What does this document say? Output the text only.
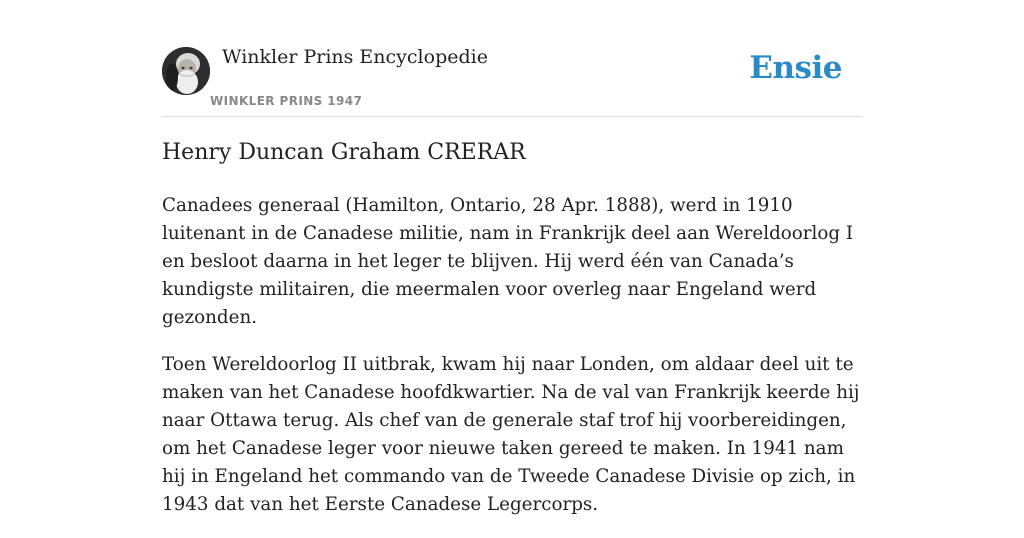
Winkler Prins Encyclopedie
WINKLER PRINS 1947
Ensie
Henry Duncan Graham CRERAR

Canadees generaal (Hamilton, Ontario, 28 Apr. 1888), werd in 1910 luitenant in de Canadese militie, nam in Frankrijk deel aan Wereldoorlog I en besloot daarna in het leger te blijven. Hij werd één van Canada’s kundigste militairen, die meermalen voor overleg naar Engeland werd gezonden.

Toen Wereldoorlog II uitbrak, kwam hij naar Londen, om aldaar deel uit te maken van het Canadese hoofdkwartier. Na de val van Frankrijk keerde hij naar Ottawa terug. Als chef van de generale staf trof hij voorbereidingen, om het Canadese leger voor nieuwe taken gereed te maken. In 1941 nam hij in Engeland het commando van de Tweede Canadese Divisie op zich, in 1943 dat van het Eerste Canadese Legercorps.
